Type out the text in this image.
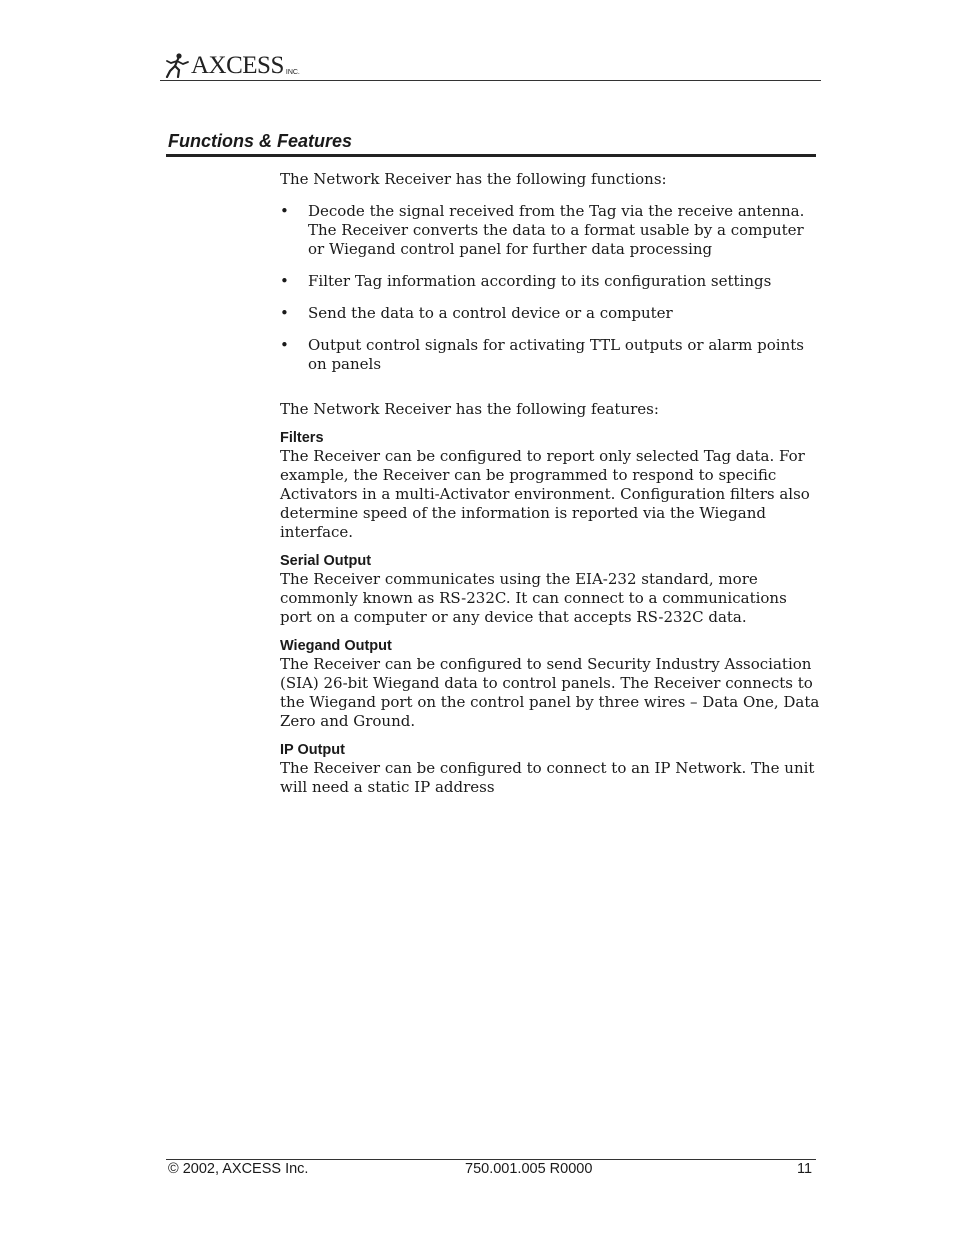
AXCESS INC.
Functions & Features

The Network Receiver has the following functions:

• Decode the signal received from the Tag via the receive antenna. The Receiver converts the data to a format usable by a computer or Wiegand control panel for further data processing
• Filter Tag information according to its configuration settings
• Send the data to a control device or a computer
• Output control signals for activating TTL outputs or alarm points on panels

The Network Receiver has the following features:

Filters

The Receiver can be configured to report only selected Tag data. For example, the Receiver can be programmed to respond to specific Activators in a multi-Activator environment. Configuration filters also determine speed of the information is reported via the Wiegand interface.

Serial Output

The Receiver communicates using the EIA-232 standard, more commonly known as RS-232C. It can connect to a communications port on a computer or any device that accepts RS-232C data.

Wiegand Output

The Receiver can be configured to send Security Industry Association (SIA) 26-bit Wiegand data to control panels. The Receiver connects to the Wiegand port on the control panel by three wires – Data One, Data Zero and Ground.

IP Output

The Receiver can be configured to connect to an IP Network. The unit will need a static IP address

© 2002, AXCESS Inc.	750.001.005 R0000	11
